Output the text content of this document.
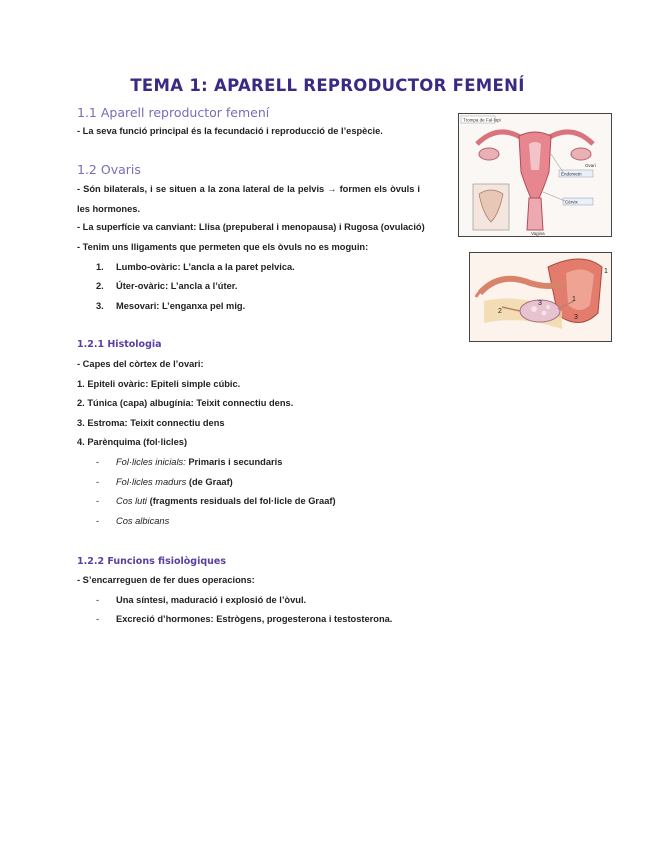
TEMA 1: APARELL REPRODUCTOR FEMENÍ
1.1 Aparell reproductor femení
- La seva funció principal és la fecundació i reproducció de l’espècie.
1.2 Ovaris
- Són bilaterals, i se situen a la zona lateral de la pelvis → formen els òvuls i les hormones.
- La superfície va canviant: Llisa (prepuberal i menopausa) i Rugosa (ovulació)
- Tenim uns lligaments que permeten que els òvuls no es moguin:
1. Lumbo-ovàric: L’ancla a la paret pelvica.
2. Úter-ovàric: L’ancla a l’úter.
3. Mesovari: L’enganxa pel mig.
1.2.1 Histologia
- Capes del còrtex de l’ovari:
1. Epiteli ovàric: Epiteli simple cúbic.
2. Túnica (capa) albugínia: Teixit connectiu dens.
3. Estroma: Teixit connectiu dens
4. Parènquima (fol·licles)
- Fol·licles inicials: Primaris i secundaris
- Fol·licles madurs (de Graaf)
- Cos luti (fragments residuals del fol·licle de Graaf)
- Cos albicans
1.2.2 Funcions fisiològiques
- S’encarreguen de fer dues operacions:
- Una síntesi, maduració i explosió de l’òvul.
- Excreció d’hormones: Estrògens, progesterona i testosterona.
Trompa de Fal·lopi
Ovari
Endometri
Cèrvix
Vagina
1
2
3
3
1
